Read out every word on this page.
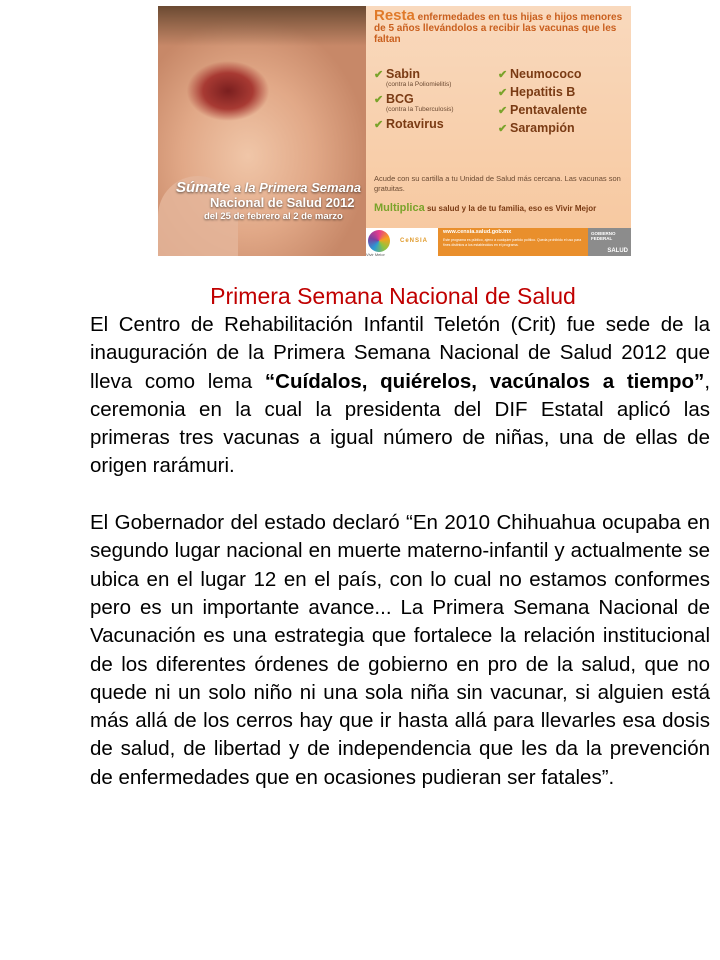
Súmate a la Primera Semana
Nacional de Salud 2012
del 25 de febrero al 2 de marzo
Resta enfermedades en tus hijas e hijos menores de 5 años llevándolos a recibir las vacunas que les faltan
✔ Sabin
(contra la Poliomielitis)
✔ BCG
(contra la Tuberculosis)
✔ Rotavirus
✔ Neumococo
✔ Hepatitis B
✔ Pentavalente
✔ Sarampión
Acude con su cartilla a tu Unidad de Salud más cercana. Las vacunas son gratuitas.
Multiplica su salud y la de tu familia, eso es Vivir Mejor
Vivir Mejor
CeNSIA
www.censia.salud.gob.mx
Este programa es público, ajeno a cualquier partido político. Queda prohibido el uso para fines distintos a los establecidos en el programa.
GOBIERNO
FEDERAL
SALUD
Primera Semana Nacional de Salud

El Centro de Rehabilitación Infantil Teletón (Crit) fue sede de la inauguración de la Primera Semana Nacional de Salud 2012 que lleva como lema “Cuídalos, quiérelos, vacúnalos a tiempo”, ceremonia en la cual la presidenta del DIF Estatal aplicó las primeras tres vacunas a igual número de niñas, una de ellas de origen rarámuri.

El Gobernador del estado declaró “En 2010 Chihuahua ocupaba en segundo lugar nacional en muerte materno-infantil y actualmente se ubica en el lugar 12 en el país, con lo cual no estamos conformes pero es un importante avance... La Primera Semana Nacional de Vacunación es una estrategia que fortalece la relación institucional de los diferentes órdenes de gobierno en pro de la salud, que no quede ni un solo niño ni una sola niña sin vacunar, si alguien está más allá de los cerros hay que ir hasta allá para llevarles esa dosis de salud, de libertad y de independencia que les da la prevención de enfermedades que en ocasiones pudieran ser fatales”.
